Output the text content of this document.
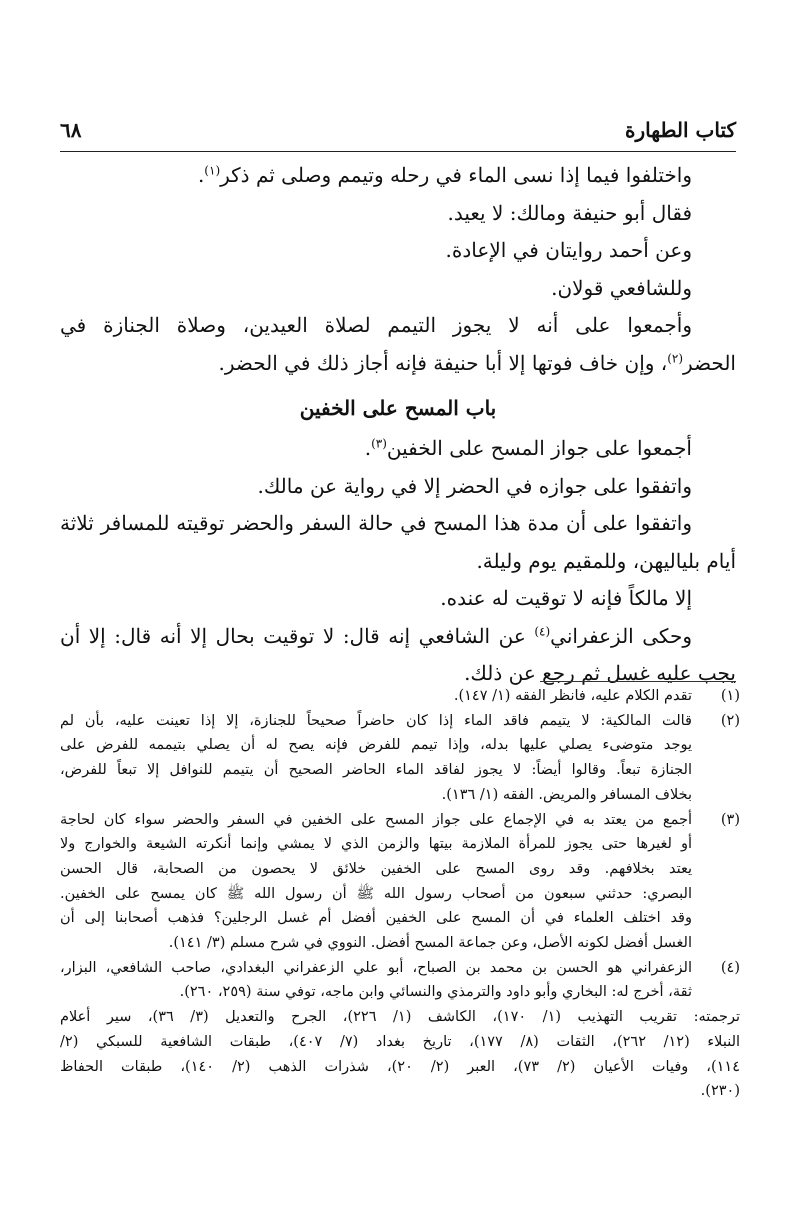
كتاب الطهارة
٦٨

واختلفوا فيما إذا نسى الماء في رحله وتيمم وصلى ثم ذكر$^{(١)}$.

فقال أبو حنيفة ومالك: لا يعيد.

وعن أحمد روايتان في الإعادة.

وللشافعي قولان.

وأجمعوا على أنه لا يجوز التيمم لصلاة العيدين، وصلاة الجنازة في

الحضر$^{(٢)}$، وإن خاف فوتها إلا أبا حنيفة فإنه أجاز ذلك في الحضر.

باب المسح على الخفين

أجمعوا على جواز المسح على الخفين$^{(٣)}$.

واتفقوا على جوازه في الحضر إلا في رواية عن مالك.

واتفقوا على أن مدة هذا المسح في حالة السفر والحضر توقيته للمسافر ثلاثة

أيام بلياليهن، وللمقيم يوم وليلة.

إلا مالكاً فإنه لا توقيت له عنده.

وحكى الزعفراني$^{(٤)}$ عن الشافعي إنه قال: لا توقيت بحال إلا أنه قال: إلا أن

يجب عليه غسل ثم رجع عن ذلك.

(١)
تقدم الكلام عليه، فانظر الفقه (١/ ١٤٧).
(٢)
قالت المالكية: لا يتيمم فاقد الماء إذا كان حاضراً صحيحاً للجنازة، إلا إذا تعينت عليه، بأن لم
يوجد متوضىء يصلي عليها بدله، وإذا تيمم للفرض فإنه يصح له أن يصلي بتيممه للفرض على
الجنازة تبعاً. وقالوا أيضاً: لا يجوز لفاقد الماء الحاضر الصحيح أن يتيمم للنوافل إلا تبعاً للفرض،
بخلاف المسافر والمريض. الفقه (١/ ١٣٦).
(٣)
أجمع من يعتد به في الإجماع على جواز المسح على الخفين في السفر والحضر سواء كان لحاجة
أو لغيرها حتى يجوز للمرأة الملازمة بيتها والزمن الذي لا يمشي وإنما أنكرته الشيعة والخوارج ولا
يعتد بخلافهم. وقد روى المسح على الخفين خلائق لا يحصون من الصحابة، قال الحسن
البصري: حدثني سبعون من أصحاب رسول الله ﷺ أن رسول الله ﷺ كان يمسح على الخفين.
وقد اختلف العلماء في أن المسح على الخفين أفضل أم غسل الرجلين؟ فذهب أصحابنا إلى أن
الغسل أفضل لكونه الأصل، وعن جماعة المسح أفضل. النووي في شرح مسلم (٣/ ١٤١).
(٤)
الزعفراني هو الحسن بن محمد بن الصباح، أبو علي الزعفراني البغدادي، صاحب الشافعي، البزار،
ثقة، أخرج له: البخاري وأبو داود والترمذي والنسائي وابن ماجه، توفي سنة (٢٥٩، ٢٦٠).
ترجمته: تقريب التهذيب (١/ ١٧٠)، الكاشف (١/ ٢٢٦)، الجرح والتعديل (٣/ ٣٦)، سير أعلام
النبلاء (١٢/ ٢٦٢)، الثقات (٨/ ١٧٧)، تاريخ بغداد (٧/ ٤٠٧)، طبقات الشافعية للسبكي (٢/
١١٤)، وفيات الأعيان (٢/ ٧٣)، العبر (٢/ ٢٠)، شذرات الذهب (٢/ ١٤٠)، طبقات الحفاظ
(٢٣٠).
